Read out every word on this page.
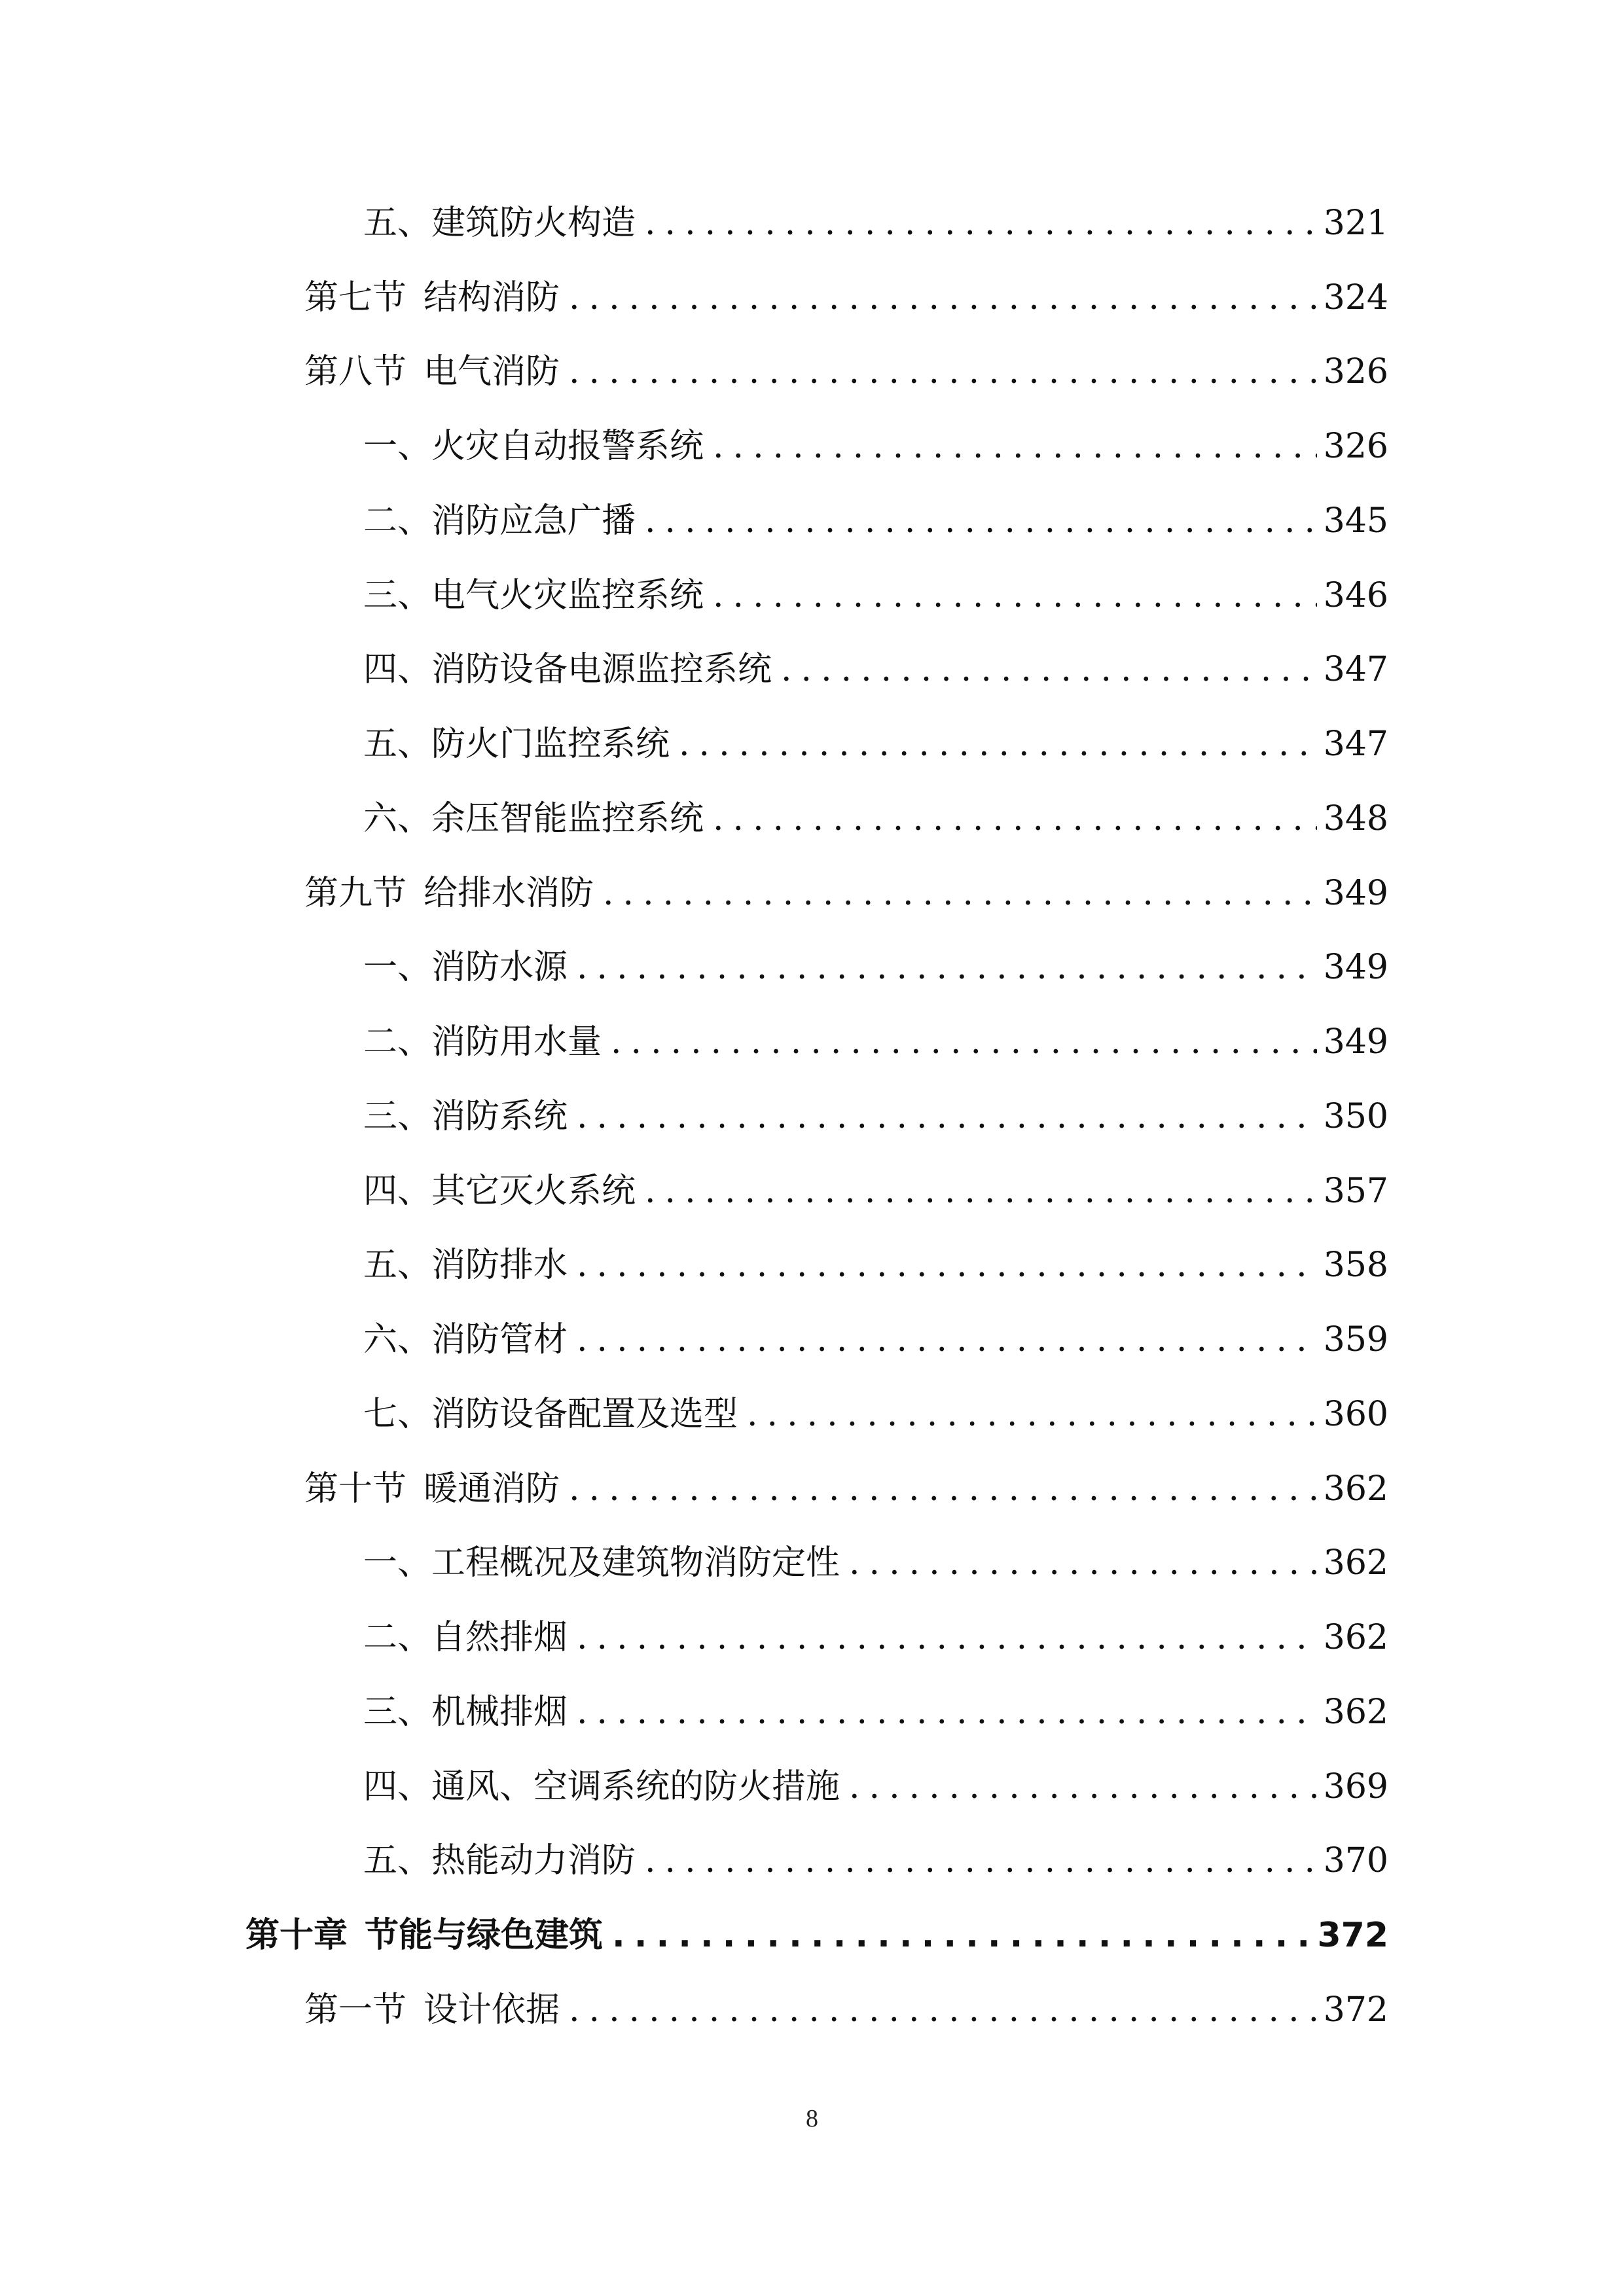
五、建筑防火构造 .....	321
第七节 结构消防 .....	324
第八节 电气消防 .....	326
一、火灾自动报警系统 .....	326
二、消防应急广播 .....	345
三、电气火灾监控系统 .....	346
四、消防设备电源监控系统 .....	347
五、防火门监控系统 .....	347
六、余压智能监控系统 .....	348
第九节 给排水消防 .....	349
一、消防水源 .....	349
二、消防用水量 .....	349
三、消防系统 .....	350
四、其它灭火系统 .....	357
五、消防排水 .....	358
六、消防管材 .....	359
七、消防设备配置及选型 .....	360
第十节 暖通消防 .....	362
一、工程概况及建筑物消防定性 .....	362
二、自然排烟 .....	362
三、机械排烟 .....	362
四、通风、空调系统的防火措施 .....	369
五、热能动力消防 .....	370
第十章 节能与绿色建筑 .....	372
第一节 设计依据 .....	372
8
